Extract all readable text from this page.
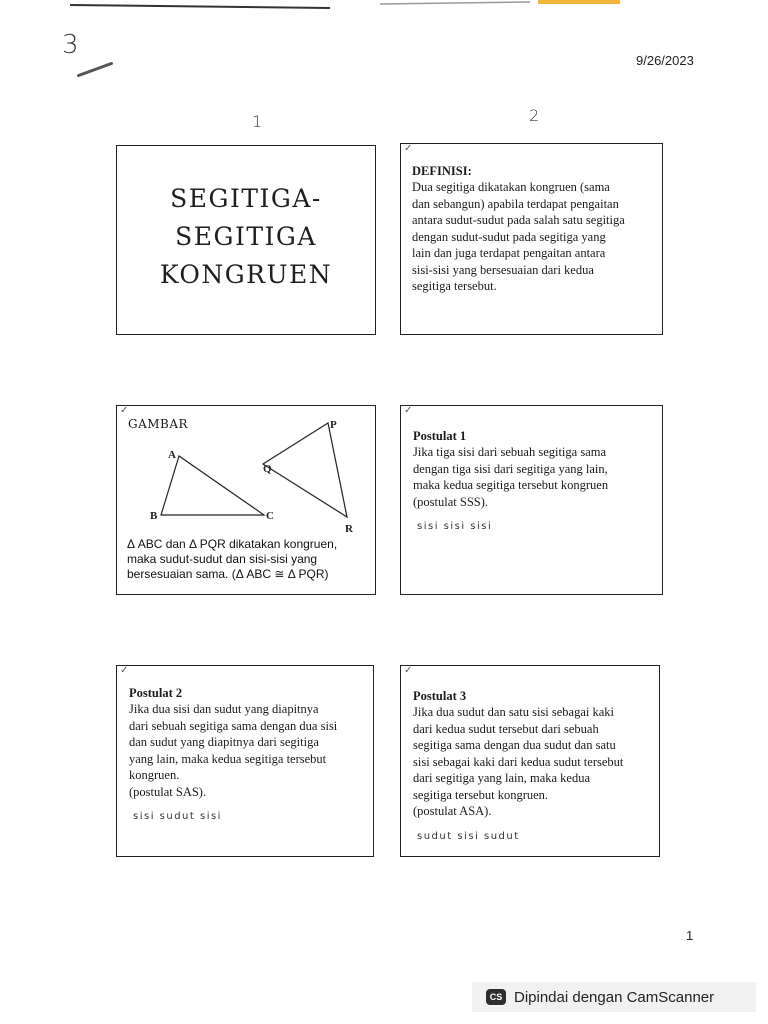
3
9/26/2023
1	2
SEGITIGA-
SEGITIGA
KONGRUEN
✓
DEFINISI:
Dua segitiga dikatakan kongruen (sama
dan sebangun) apabila terdapat pengaitan
antara sudut-sudut pada salah satu segitiga
dengan sudut-sudut pada segitiga yang
lain dan juga terdapat pengaitan antara
sisi-sisi yang bersesuaian dari kedua
segitiga tersebut.
✓
GAMBAR
A
B	C
P
Q
R
Δ ABC dan Δ PQR dikatakan kongruen,
maka sudut-sudut dan sisi-sisi yang
bersesuaian sama. (Δ ABC ≅ Δ PQR)
✓
Postulat 1
Jika tiga sisi dari sebuah segitiga sama
dengan tiga sisi dari segitiga yang lain,
maka kedua segitiga tersebut kongruen
(postulat SSS).
sisi sisi sisi
✓
Postulat 2
Jika dua sisi dan sudut yang diapitnya
dari sebuah segitiga sama dengan dua sisi
dan sudut yang diapitnya dari segitiga
yang lain, maka kedua segitiga tersebut
kongruen.
(postulat SAS).
sisi sudut sisi
✓
Postulat 3
Jika dua sudut dan satu sisi sebagai kaki
dari kedua sudut tersebut dari sebuah
segitiga sama dengan dua sudut dan satu
sisi sebagai kaki dari kedua sudut tersebut
dari segitiga yang lain, maka kedua
segitiga tersebut kongruen.
(postulat ASA).
sudut sisi sudut
1
CS Dipindai dengan CamScanner
